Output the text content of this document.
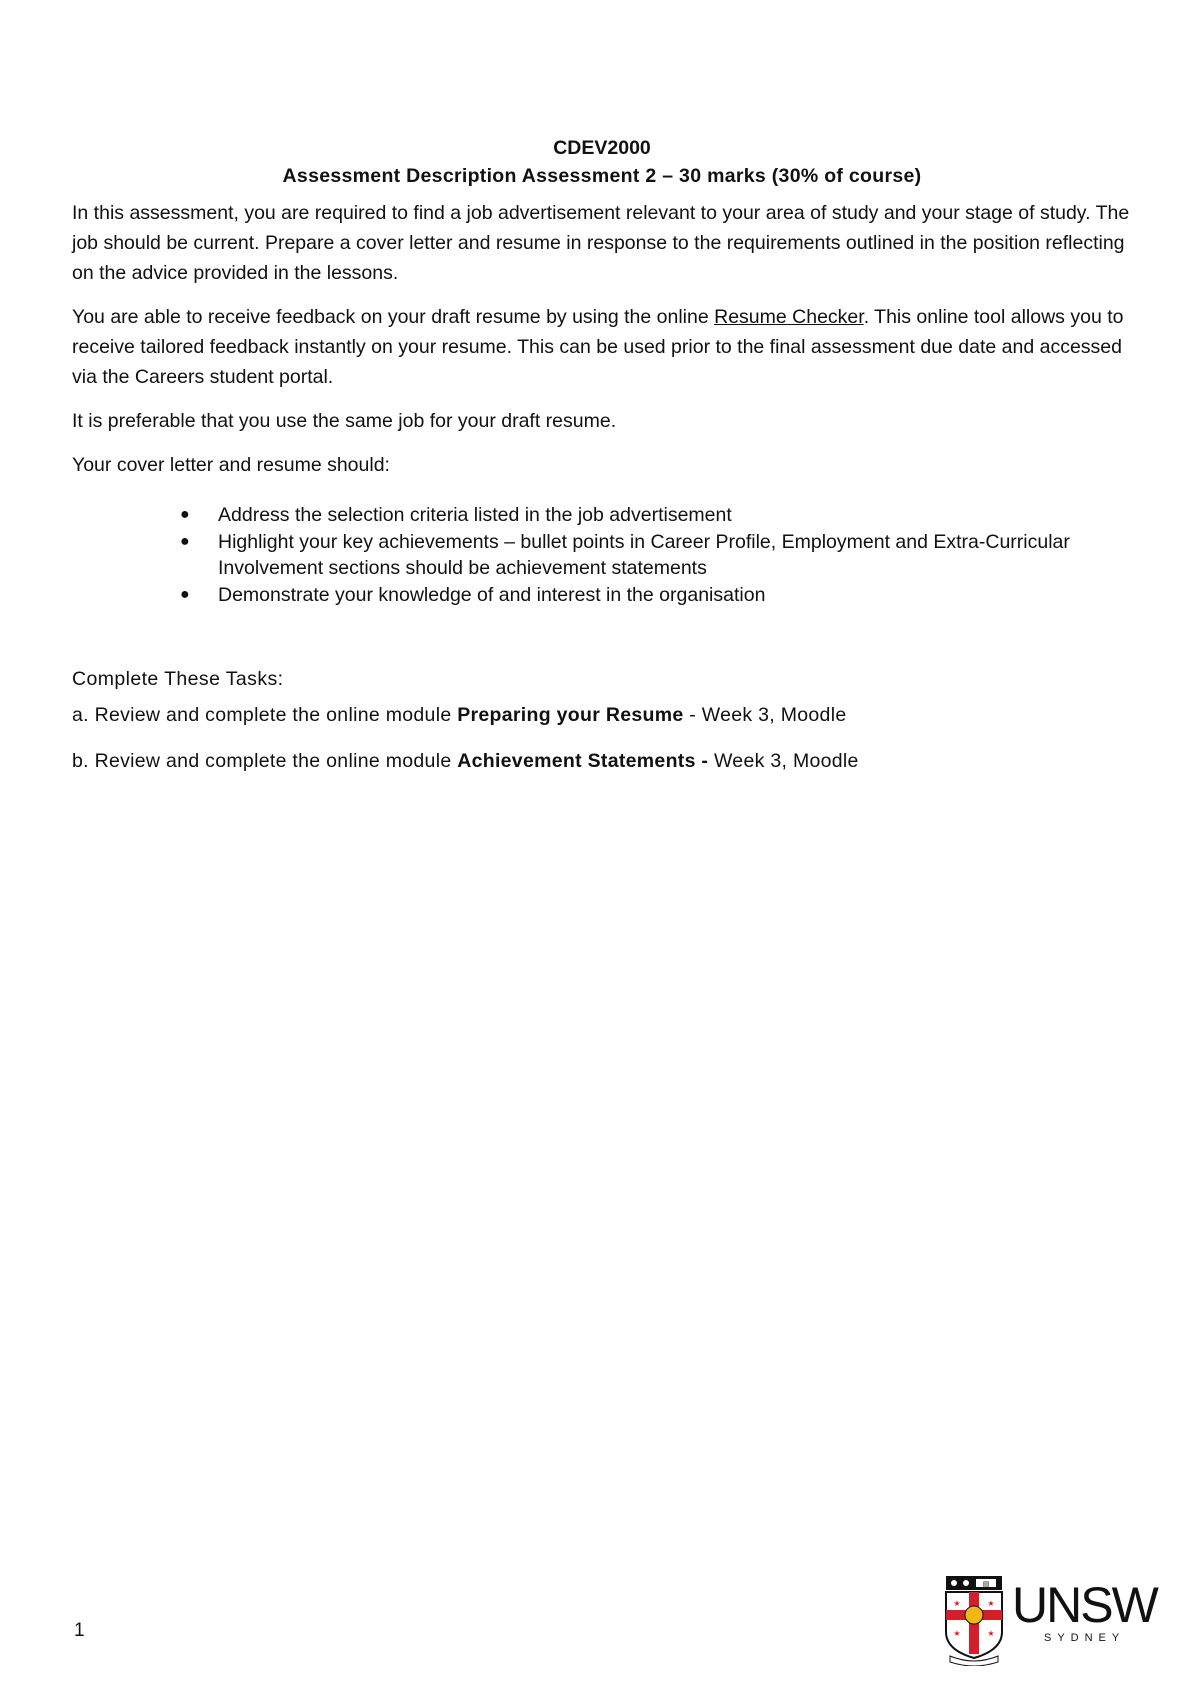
CDEV2000
Assessment Description Assessment 2 – 30 marks (30% of course)

In this assessment, you are required to find a job advertisement relevant to your area of study and your stage of study. The job should be current. Prepare a cover letter and resume in response to the requirements outlined in the position reflecting on the advice provided in the lessons.

You are able to receive feedback on your draft resume by using the online Resume Checker. This online tool allows you to receive tailored feedback instantly on your resume. This can be used prior to the final assessment due date and accessed via the Careers student portal.

It is preferable that you use the same job for your draft resume.

Your cover letter and resume should:

● Address the selection criteria listed in the job advertisement
● Highlight your key achievements – bullet points in Career Profile, Employment and Extra-Curricular Involvement sections should be achievement statements
● Demonstrate your knowledge of and interest in the organisation

Complete These Tasks:

a. Review and complete the online module Preparing your Resume - Week 3, Moodle

b. Review and complete the online module Achievement Statements - Week 3, Moodle

1
▤
★	★
★	★
UNSW
SYDNEY
